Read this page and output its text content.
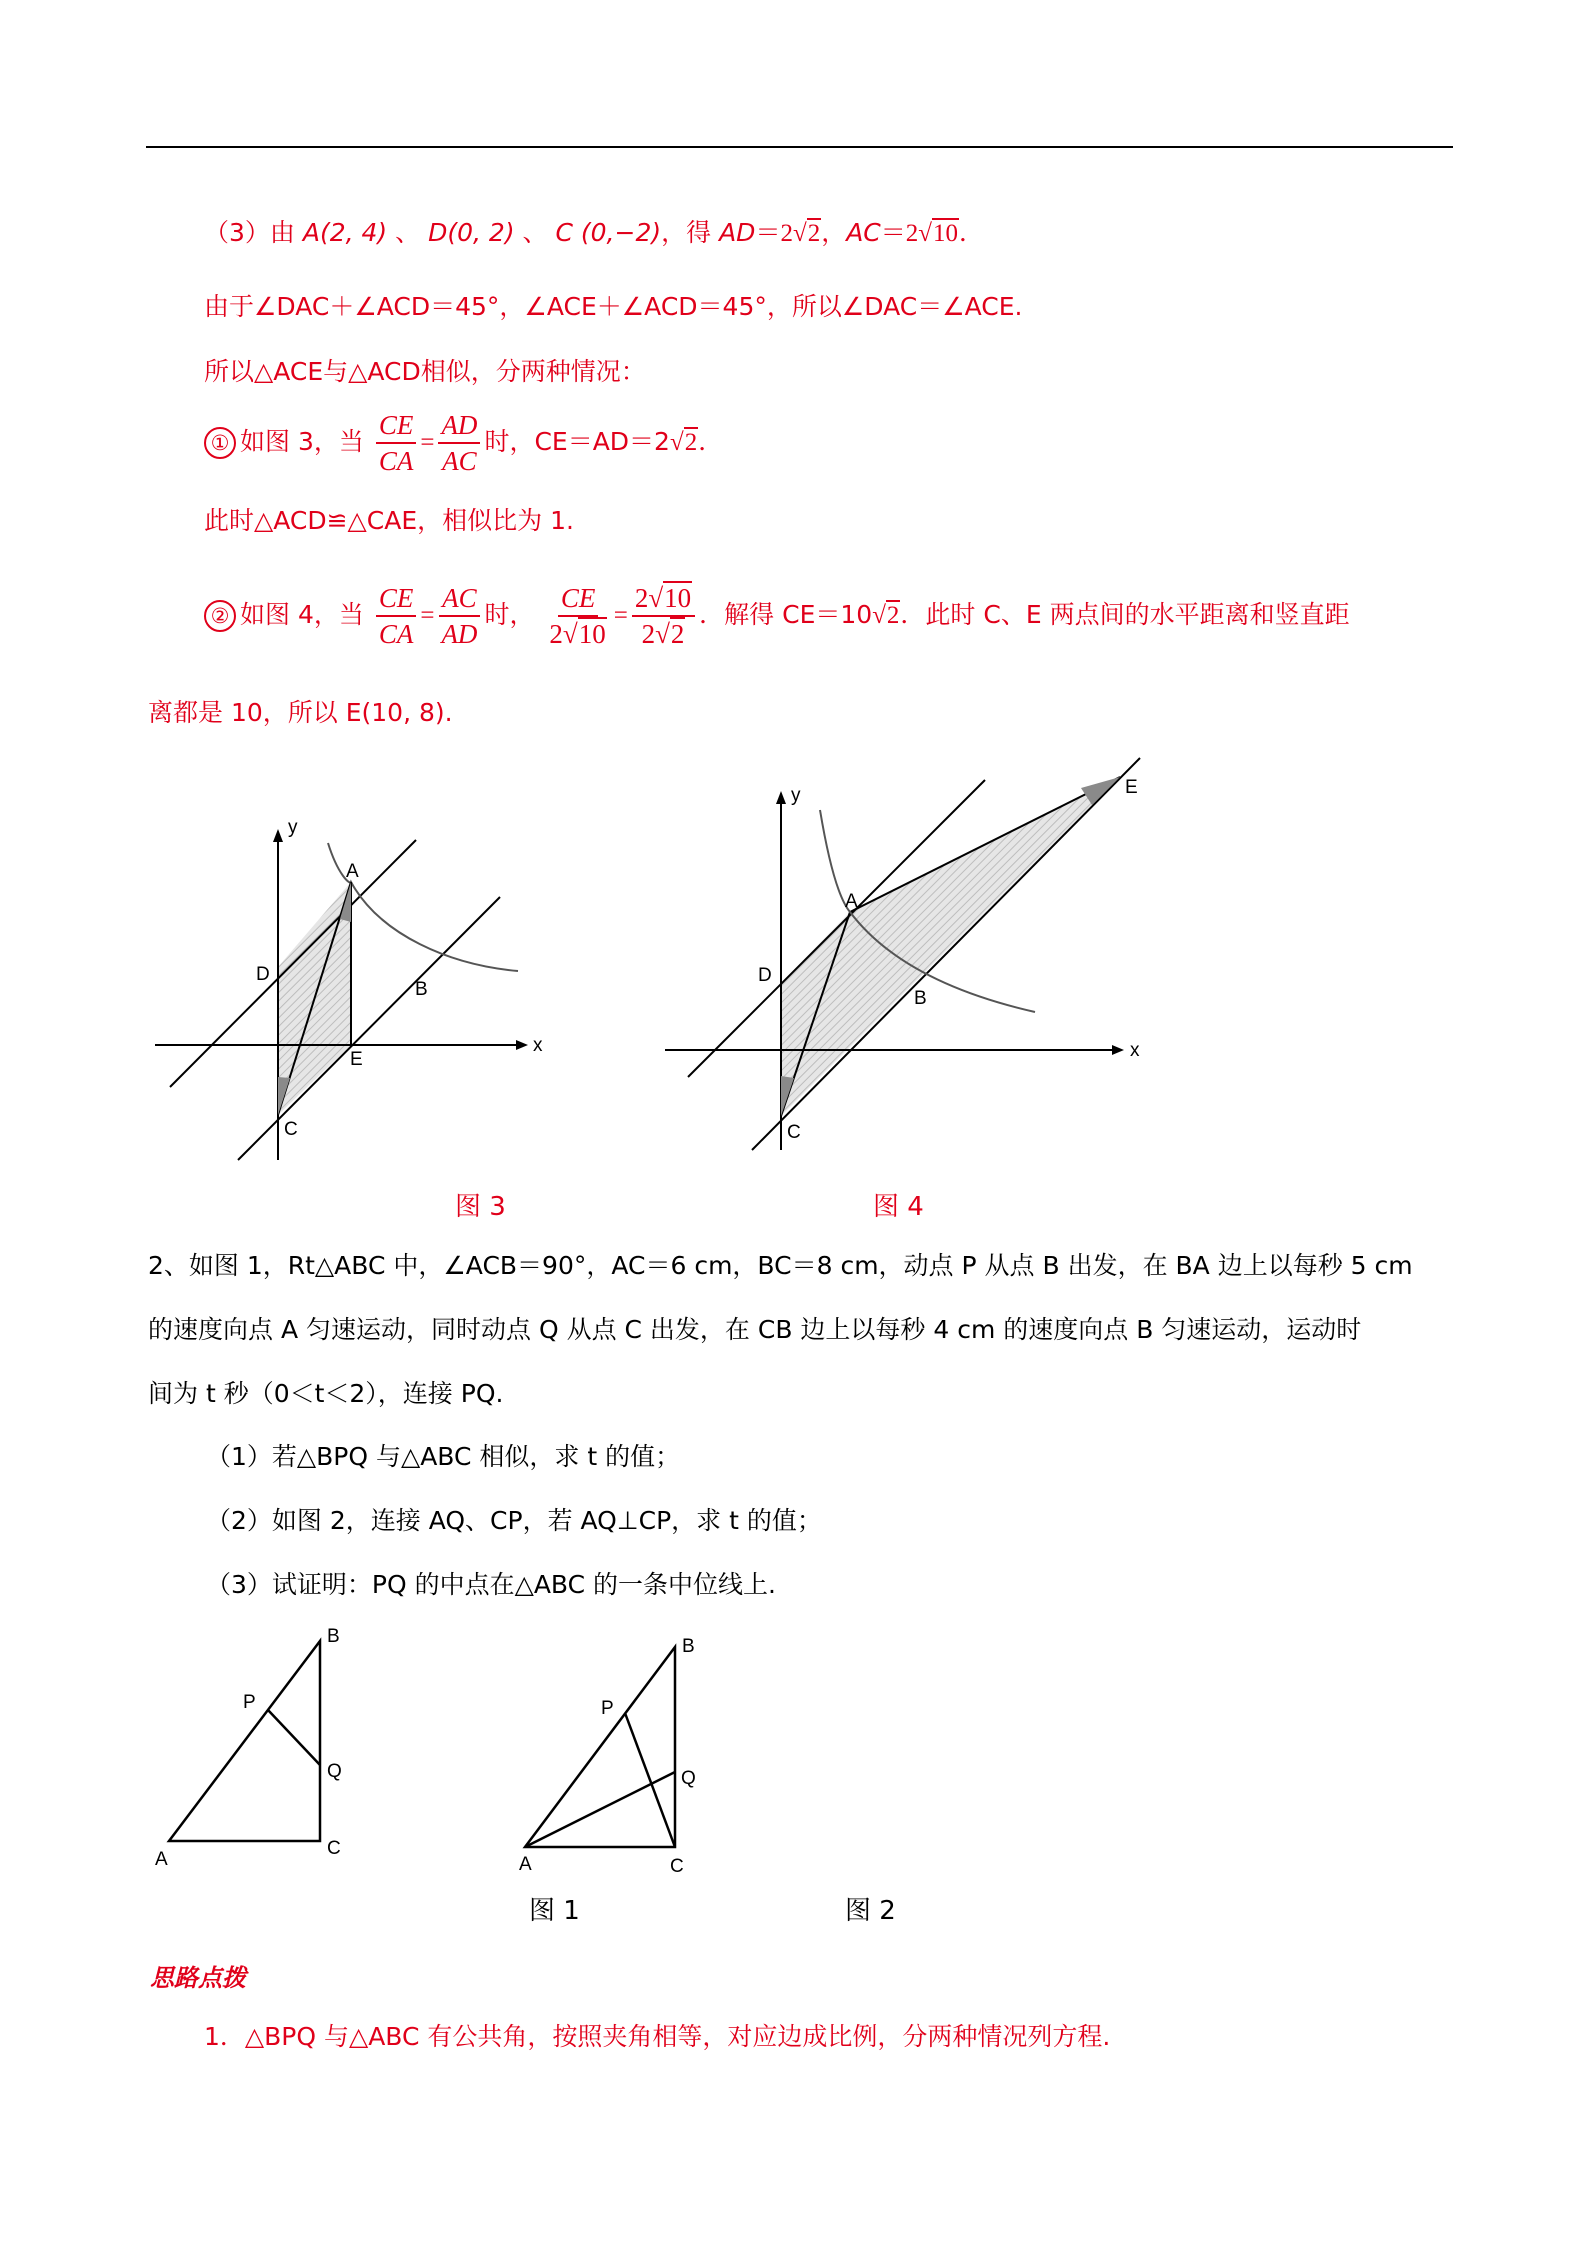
（3）由 A(2, 4) 、 D(0, 2) 、 C (0,−2)，得 AD＝2√2，AC＝2√10．
由于∠DAC＋∠ACD＝45°，∠ACE＋∠ACD＝45°，所以∠DAC＝∠ACE.
所以△ACE与△ACD相似，分两种情况：
① 如图 3，当 $\frac{CE}{CA} = \frac{AD}{AC}$ 时，CE＝AD＝2√2．
此时△ACD≌△CAE，相似比为 1.
② 如图 4，当 $\frac{CE}{CA} = \frac{AC}{AD}$ 时， $\frac{CE}{2√10} = \frac{2√10}{2√2}$ ．解得 CE＝10√2．此时 C、E 两点间的水平距离和竖直距
离都是 10，所以 E(10, 8).
y
x
A
D
B
E
C
图 3
y
x
A
D
B
E
C
图 4
2、如图 1，Rt△ABC 中，∠ACB＝90°，AC＝6 cm，BC＝8 cm，动点 P 从点 B 出发，在 BA 边上以每秒 5 cm
的速度向点 A 匀速运动，同时动点 Q 从点 C 出发，在 CB 边上以每秒 4 cm 的速度向点 B 匀速运动，运动时
间为 t 秒（0＜t＜2），连接 PQ.
（1）若△BPQ 与△ABC 相似，求 t 的值；
（2）如图 2，连接 AQ、CP，若 AQ⊥CP，求 t 的值；
（3）试证明：PQ 的中点在△ABC 的一条中位线上.
A
B
C
P
Q
图 1
A
B
C
P
Q
图 2
思路点拨
1．△BPQ 与△ABC 有公共角，按照夹角相等，对应边成比例，分两种情况列方程.
